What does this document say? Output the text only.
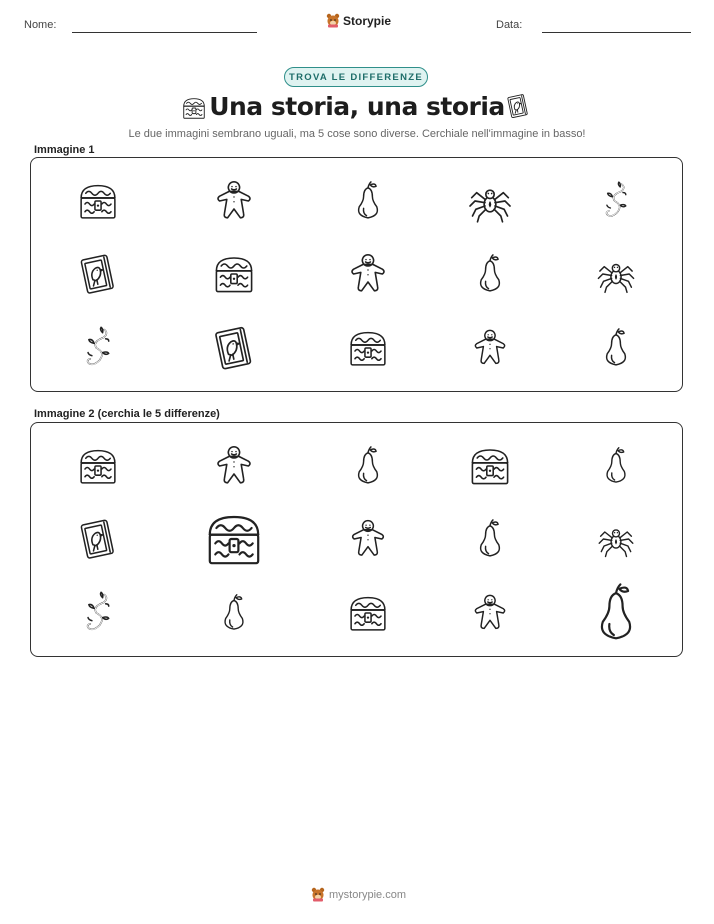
Nome:	Storypie	Data:
TROVA LE DIFFERENZE
Una storia, una storia
Le due immagini sembrano uguali, ma 5 cose sono diverse. Cerchiale nell'immagine in basso!
Immagine 1
Immagine 2 (cerchia le 5 differenze)
mystorypie.com
